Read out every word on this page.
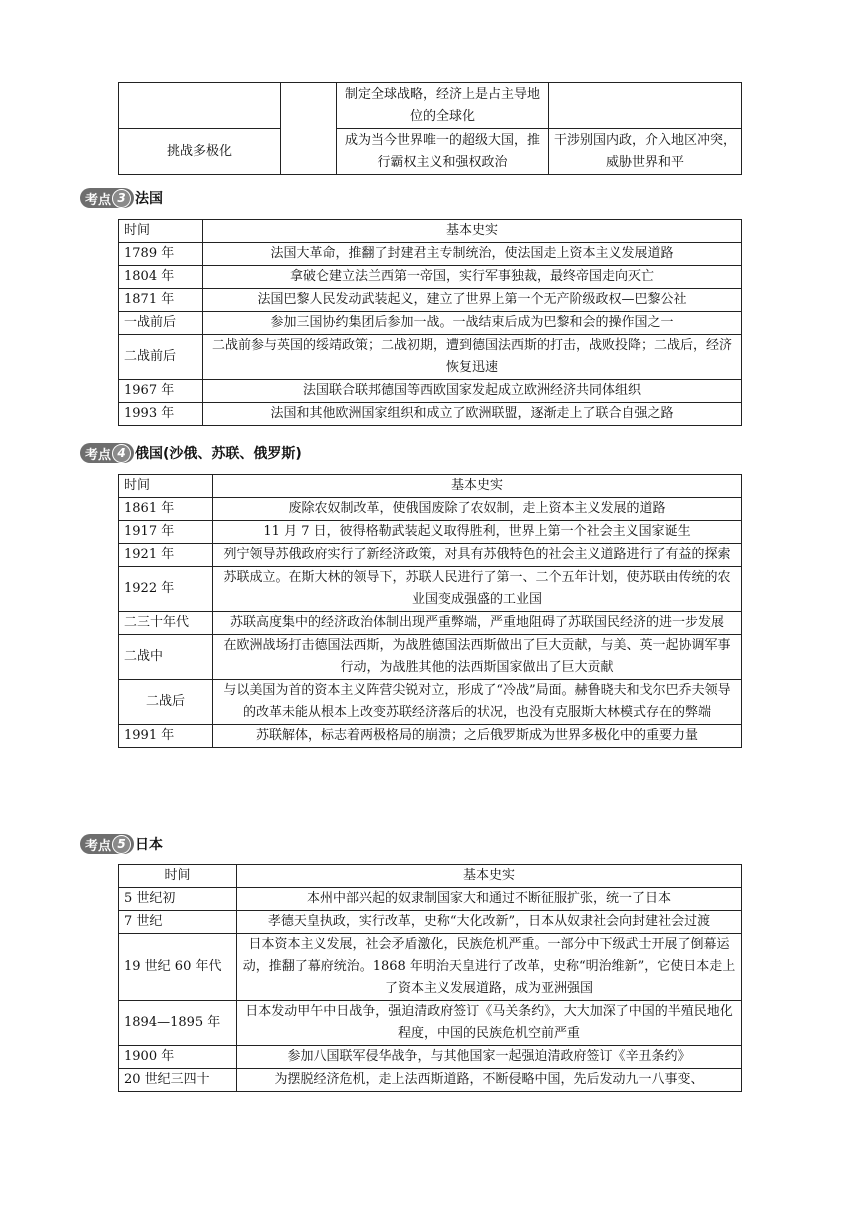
		制定全球战略，经济上是占主导地位的全球化	
挑战多极化		成为当今世界唯一的超级大国，推行霸权主义和强权政治	干涉别国内政，介入地区冲突，威胁世界和平
考点 3 法国
时间	基本史实
1789 年	法国大革命，推翻了封建君主专制统治，使法国走上资本主义发展道路
1804 年	拿破仑建立法兰西第一帝国，实行军事独裁，最终帝国走向灭亡
1871 年	法国巴黎人民发动武装起义，建立了世界上第一个无产阶级政权—巴黎公社
一战前后	参加三国协约集团后参加一战。一战结束后成为巴黎和会的操作国之一
二战前后	二战前参与英国的绥靖政策；二战初期，遭到德国法西斯的打击，战败投降；二战后，经济恢复迅速
1967 年	法国联合联邦德国等西欧国家发起成立欧洲经济共同体组织
1993 年	法国和其他欧洲国家组织和成立了欧洲联盟，逐渐走上了联合自强之路
考点 4 俄国(沙俄、苏联、俄罗斯)
时间	基本史实
1861 年	废除农奴制改革，使俄国废除了农奴制，走上资本主义发展的道路
1917 年	11 月 7 日，彼得格勒武装起义取得胜利，世界上第一个社会主义国家诞生
1921 年	列宁领导苏俄政府实行了新经济政策，对具有苏俄特色的社会主义道路进行了有益的探索
1922 年	苏联成立。在斯大林的领导下，苏联人民进行了第一、二个五年计划，使苏联由传统的农业国变成强盛的工业国
二三十年代	苏联高度集中的经济政治体制出现严重弊端，严重地阻碍了苏联国民经济的进一步发展
二战中	在欧洲战场打击德国法西斯，为战胜德国法西斯做出了巨大贡献，与美、英一起协调军事行动，为战胜其他的法西斯国家做出了巨大贡献
二战后	与以美国为首的资本主义阵营尖锐对立，形成了“冷战”局面。赫鲁晓夫和戈尔巴乔夫领导的改革未能从根本上改变苏联经济落后的状况，也没有克服斯大林模式存在的弊端
1991 年	苏联解体，标志着两极格局的崩溃；之后俄罗斯成为世界多极化中的重要力量
考点 5 日本
时间	基本史实
5 世纪初	本州中部兴起的奴隶制国家大和通过不断征服扩张，统一了日本
7 世纪	孝德天皇执政，实行改革，史称“大化改新”，日本从奴隶社会向封建社会过渡
19 世纪 60 年代	日本资本主义发展，社会矛盾激化，民族危机严重。一部分中下级武士开展了倒幕运动，推翻了幕府统治。1868 年明治天皇进行了改革，史称“明治维新”，它使日本走上了资本主义发展道路，成为亚洲强国
1894—1895 年	日本发动甲午中日战争，强迫清政府签订《马关条约》，大大加深了中国的半殖民地化程度，中国的民族危机空前严重
1900 年	参加八国联军侵华战争，与其他国家一起强迫清政府签订《辛丑条约》
20 世纪三四十	为摆脱经济危机，走上法西斯道路，不断侵略中国，先后发动九一八事变、
